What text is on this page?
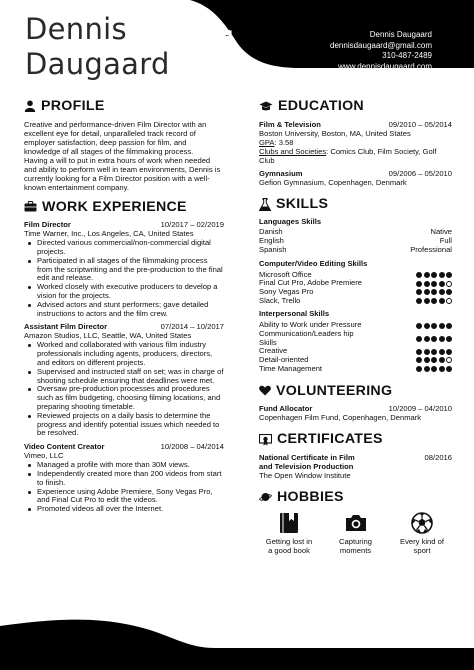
Dennis
Daugaard
Dennis Daugaard
dennisdaugaard@gmail.com
310-487-2489
www.dennisdaugaard.com
PROFILE

Creative and performance-driven Film Director with an excellent eye for detail, unparalleled track record of employer satisfaction, deep passion for film, and knowledge of all stages of the filmmaking process.

Having a will to put in extra hours of work when needed and ability to perform well in team environments, Dennis is currently looking for a Film Director position with a well-known entertainment company.

WORK EXPERIENCE
Film Director	10/2017 – 02/2019
Time Warner, Inc., Los Angeles, CA, United States
Directed various commercial/non-commercial digital projects.
Participated in all stages of the filmmaking process from the scriptwriting and the pre-production to the final edit and release.
Worked closely with executive producers to develop a vision for the projects.
Advised actors and stunt performers; gave detailed instructions to actors and the film crew.
Assistant Film Director	07/2014 – 10/2017
Amazon Studios, LLC, Seattle, WA, United States
Worked and collaborated with various film industry professionals including agents, producers, directors, and editors on different projects.
Supervised and instructed staff on set; was in charge of shooting schedule ensuring that deadlines were met.
Oversaw pre-production processes and procedures such as film budgeting, choosing filming locations, and preparing shooting timetable.
Reviewed projects on a daily basis to determine the progress and identify potential issues which needed to be resolved.
Video Content Creator	10/2008 – 04/2014
Vimeo, LLC
Managed a profile with more than 30M views.
Independently created more than 200 videos from start to finish.
Experience using Adobe Premiere, Sony Vegas Pro, and Final Cut Pro to edit the videos.
Promoted videos all over the Internet.
EDUCATION
Film & Television	09/2010 – 05/2014
Boston University, Boston, MA, United States
GPA: 3.58
Clubs and Societies: Comics Club, Film Society, Golf Club
Gymnasium	09/2006 – 05/2010
Gefion Gymnasium, Copenhagen, Denmark
SKILLS
Languages Skills
Danish	Native
English	Full
Spanish	Professional
Computer/Video Editing Skills
Microsoft Office
Final Cut Pro, Adobe Premiere
Sony Vegas Pro
Slack, Trello
Interpersonal Skills
Ability to Work under Pressure
Communication/Leaders hip Skills
Creative
Detail-oriented
Time Management
VOLUNTEERING
Fund Allocator	10/2009 – 04/2010
Copenhagen Film Fund, Copenhagen, Denmark
CERTIFICATES
National Certificate in Film
and Television Production
08/2016
The Open Window Institute
HOBBIES
Getting lost in
a good book
Capturing
moments
Every kind of
sport
25543 Zimmerman Lane, Los Angeles, CA 90015, United States
